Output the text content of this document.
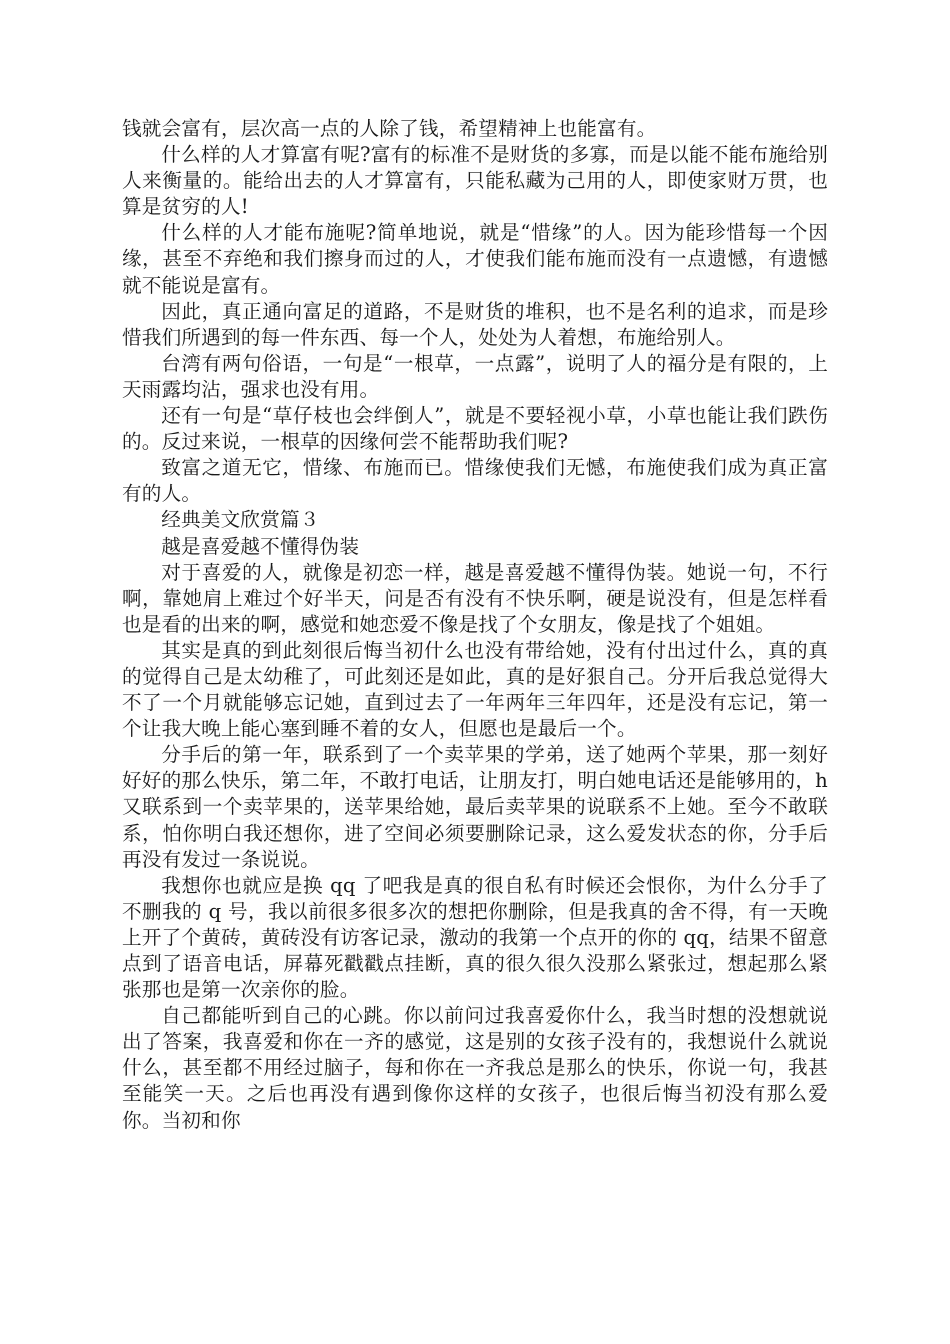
钱就会富有，层次高一点的人除了钱，希望精神上也能富有。

什么样的人才算富有呢?富有的标准不是财货的多寡，而是以能不能布施给别人来衡量的。能给出去的人才算富有，只能私藏为己用的人，即使家财万贯，也算是贫穷的人!

什么样的人才能布施呢?简单地说，就是“惜缘”的人。因为能珍惜每一个因缘，甚至不弃绝和我们擦身而过的人，才使我们能布施而没有一点遗憾，有遗憾就不能说是富有。

因此，真正通向富足的道路，不是财货的堆积，也不是名利的追求，而是珍惜我们所遇到的每一件东西、每一个人，处处为人着想，布施给别人。

台湾有两句俗语，一句是“一根草，一点露”，说明了人的福分是有限的，上天雨露均沾，强求也没有用。

还有一句是“草仔枝也会绊倒人”，就是不要轻视小草，小草也能让我们跌伤的。反过来说，一根草的因缘何尝不能帮助我们呢?

致富之道无它，惜缘、布施而已。惜缘使我们无憾，布施使我们成为真正富有的人。

经典美文欣赏篇３

越是喜爱越不懂得伪装

对于喜爱的人，就像是初恋一样，越是喜爱越不懂得伪装。她说一句，不行啊，靠她肩上难过个好半天，问是否有没有不快乐啊，硬是说没有，但是怎样看也是看的出来的啊，感觉和她恋爱不像是找了个女朋友，像是找了个姐姐。

其实是真的到此刻很后悔当初什么也没有带给她，没有付出过什么，真的真的觉得自己是太幼稚了，可此刻还是如此，真的是好狠自己。分开后我总觉得大不了一个月就能够忘记她，直到过去了一年两年三年四年，还是没有忘记，第一个让我大晚上能心塞到睡不着的女人，但愿也是最后一个。

分手后的第一年，联系到了一个卖苹果的学弟，送了她两个苹果，那一刻好好好的那么快乐，第二年，不敢打电话，让朋友打，明白她电话还是能够用的，h 又联系到一个卖苹果的，送苹果给她，最后卖苹果的说联系不上她。至今不敢联系，怕你明白我还想你，进了空间必须要删除记录，这么爱发状态的你，分手后再没有发过一条说说。

我想你也就应是换 qq 了吧我是真的很自私有时候还会恨你，为什么分手了不删我的 q 号，我以前很多很多次的想把你删除，但是我真的舍不得，有一天晚上开了个黄砖，黄砖没有访客记录，激动的我第一个点开的你的 qq，结果不留意点到了语音电话，屏幕死戳戳点挂断，真的很久很久没那么紧张过，想起那么紧张那也是第一次亲你的脸。

自己都能听到自己的心跳。你以前问过我喜爱你什么，我当时想的没想就说出了答案，我喜爱和你在一齐的感觉，这是别的女孩子没有的，我想说什么就说什么，甚至都不用经过脑子，每和你在一齐我总是那么的快乐，你说一句，我甚至能笑一天。之后也再没有遇到像你这样的女孩子，也很后悔当初没有那么爱你。当初和你
